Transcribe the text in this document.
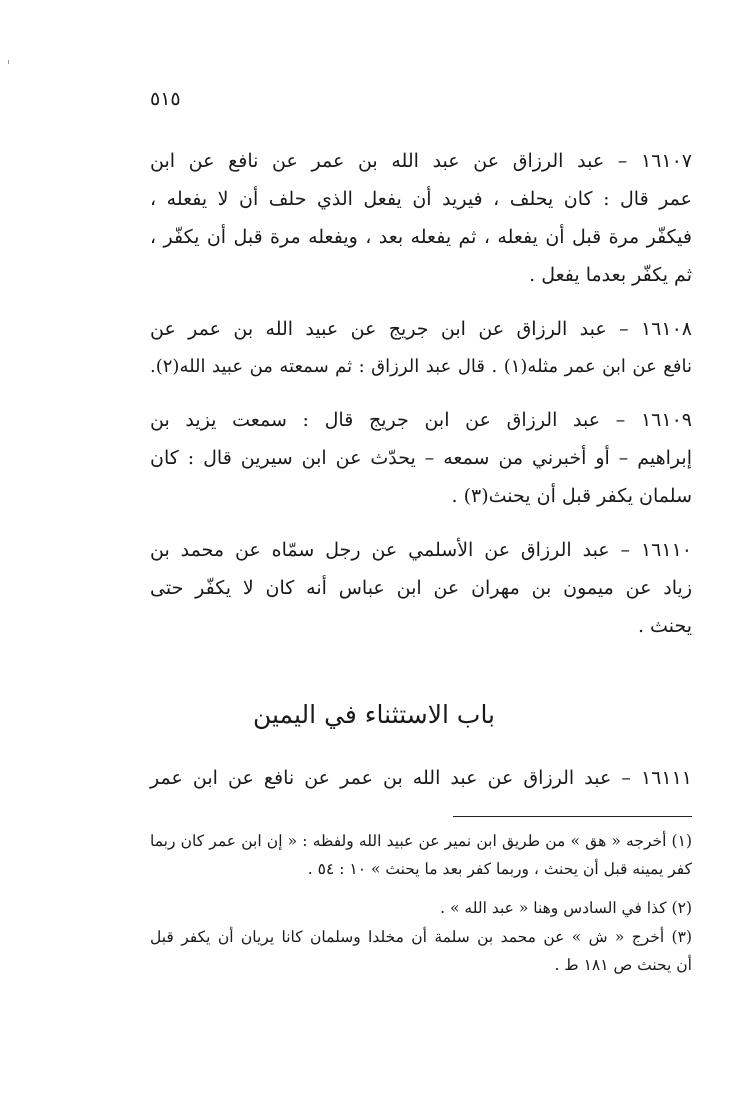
٥١٥
١٦١٠٧ – عبد الرزاق عن عبد الله بن عمر عن نافع عن ابن
عمر قال : كان يحلف ، فيريد أن يفعل الذي حلف أن لا يفعله ،
فيكفّر مرة قبل أن يفعله ، ثم يفعله بعد ، ويفعله مرة قبل أن يكفّر ،
ثم يكفّر بعدما يفعل .
١٦١٠٨ – عبد الرزاق عن ابن جريج عن عبيد الله بن عمر عن
نافع عن ابن عمر مثله(١) . قال عبد الرزاق : ثم سمعته من عبيد الله(٢).
١٦١٠٩ – عبد الرزاق عن ابن جريج قال : سمعت يزيد بن
إبراهيم – أو أخبرني من سمعه – يحدّث عن ابن سيرين قال : كان
سلمان يكفر قبل أن يحنث(٣) .
١٦١١٠ – عبد الرزاق عن الأسلمي عن رجل سمّاه عن محمد بن
زياد عن ميمون بن مهران عن ابن عباس أنه كان لا يكفّر حتى
يحنث .
باب الاستثناء في اليمين
١٦١١١ – عبد الرزاق عن عبد الله بن عمر عن نافع عن ابن عمر
(١) أخرجه « هق » من طريق ابن نمير عن عبيد الله ولفظه : « إن ابن عمر كان ربما
كفر يمينه قبل أن يحنث ، وربما كفر بعد ما يحنث » ١٠ : ٥٤ .
(٢) كذا في السادس وهنا « عبد الله » .
(٣) أخرج « ش » عن محمد بن سلمة أن مخلدا وسلمان كانا يريان أن يكفر قبل
أن يحنث ص ١٨١ ط .
